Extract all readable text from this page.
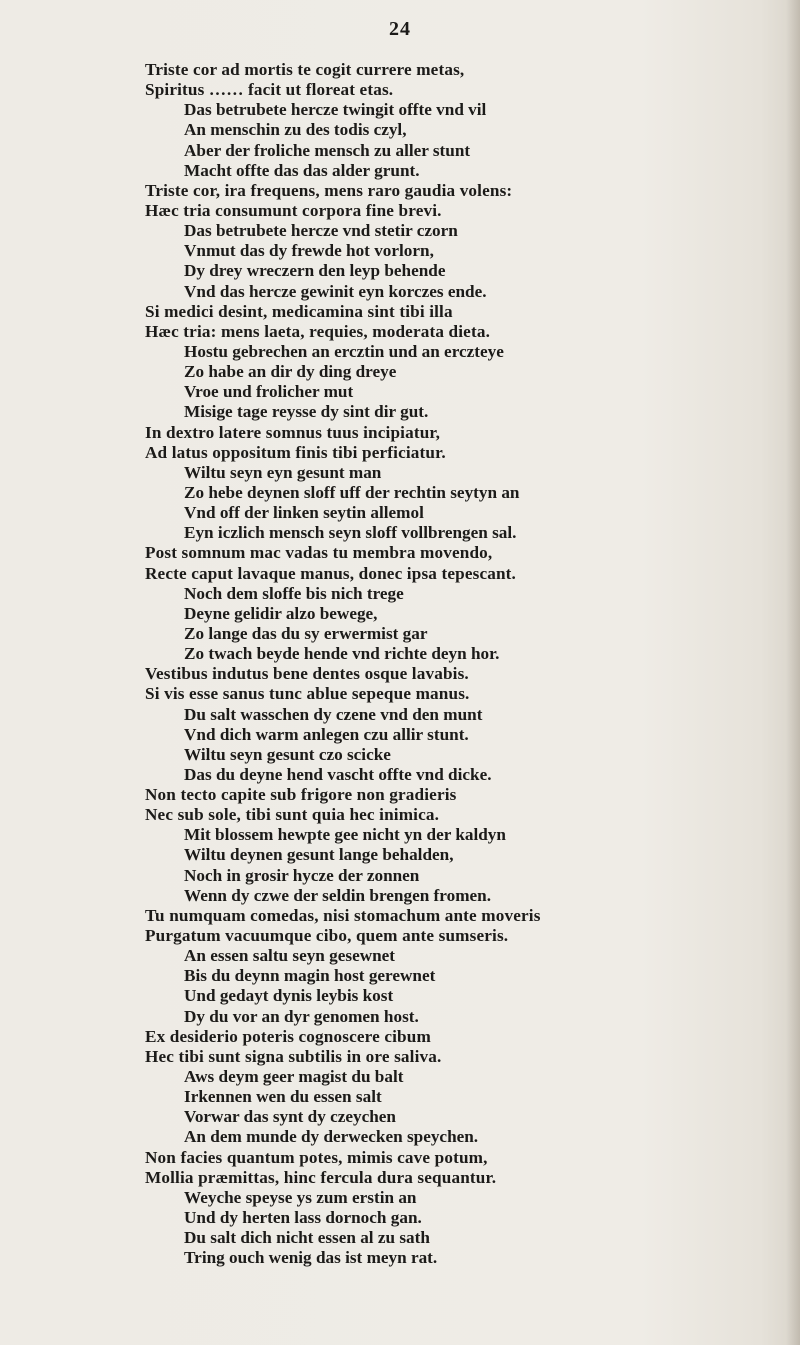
24
Triste cor ad mortis te cogit currere metas,
Spiritus …… facit ut floreat etas.
Das betrubete hercze twingit offte vnd vil
An menschin zu des todis czyl,
Aber der froliche mensch zu aller stunt
Macht offte das das alder grunt.
Triste cor, ira frequens, mens raro gaudia volens:
Hæc tria consumunt corpora fine brevi.
Das betrubete hercze vnd stetir czorn
Vnmut das dy frewde hot vorlorn,
Dy drey wreczern den leyp behende
Vnd das hercze gewinit eyn korczes ende.
Si medici desint, medicamina sint tibi illa
Hæc tria: mens laeta, requies, moderata dieta.
Hostu gebrechen an ercztin und an erczteye
Zo habe an dir dy ding dreye
Vroe und frolicher mut
Misige tage reysse dy sint dir gut.
In dextro latere somnus tuus incipiatur,
Ad latus oppositum finis tibi perficiatur.
Wiltu seyn eyn gesunt man
Zo hebe deynen sloff uff der rechtin seytyn an
Vnd off der linken seytin allemol
Eyn iczlich mensch seyn sloff vollbrengen sal.
Post somnum mac vadas tu membra movendo,
Recte caput lavaque manus, donec ipsa tepescant.
Noch dem sloffe bis nich trege
Deyne gelidir alzo bewege,
Zo lange das du sy erwermist gar
Zo twach beyde hende vnd richte deyn hor.
Vestibus indutus bene dentes osque lavabis.
Si vis esse sanus tunc ablue sepeque manus.
Du salt wasschen dy czene vnd den munt
Vnd dich warm anlegen czu allir stunt.
Wiltu seyn gesunt czo scicke
Das du deyne hend vascht offte vnd dicke.
Non tecto capite sub frigore non gradieris
Nec sub sole, tibi sunt quia hec inimica.
Mit blossem hewpte gee nicht yn der kaldyn
Wiltu deynen gesunt lange behalden,
Noch in grosir hycze der zonnen
Wenn dy czwe der seldin brengen fromen.
Tu numquam comedas, nisi stomachum ante moveris
Purgatum vacuumque cibo, quem ante sumseris.
An essen saltu seyn gesewnet
Bis du deynn magin host gerewnet
Und gedayt dynis leybis kost
Dy du vor an dyr genomen host.
Ex desiderio poteris cognoscere cibum
Hec tibi sunt signa subtilis in ore saliva.
Aws deym geer magist du balt
Irkennen wen du essen salt
Vorwar das synt dy czeychen
An dem munde dy derwecken speychen.
Non facies quantum potes, mimis cave potum,
Mollia præmittas, hinc fercula dura sequantur.
Weyche speyse ys zum erstin an
Und dy herten lass dornoch gan.
Du salt dich nicht essen al zu sath
Tring ouch wenig das ist meyn rat.
